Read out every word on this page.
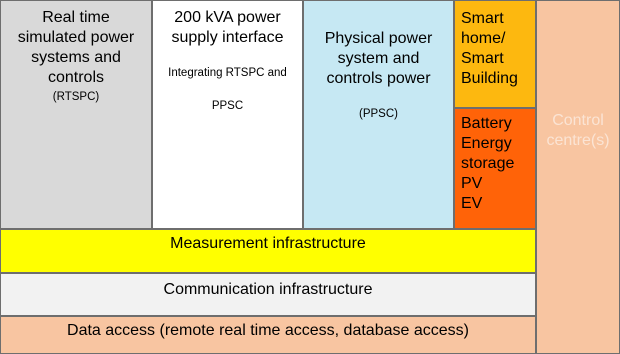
Real time
simulated power
systems and
controls
(RTSPC)
200 kVA power
supply interface
Integrating RTSPC and
PPSC
Physical power
system and
controls power
(PPSC)
Smart
home/
Smart
Building
Battery
Energy
storage
PV
EV
Control
centre(s)
Measurement infrastructure
Communication infrastructure
Data access (remote real time access, database access)
